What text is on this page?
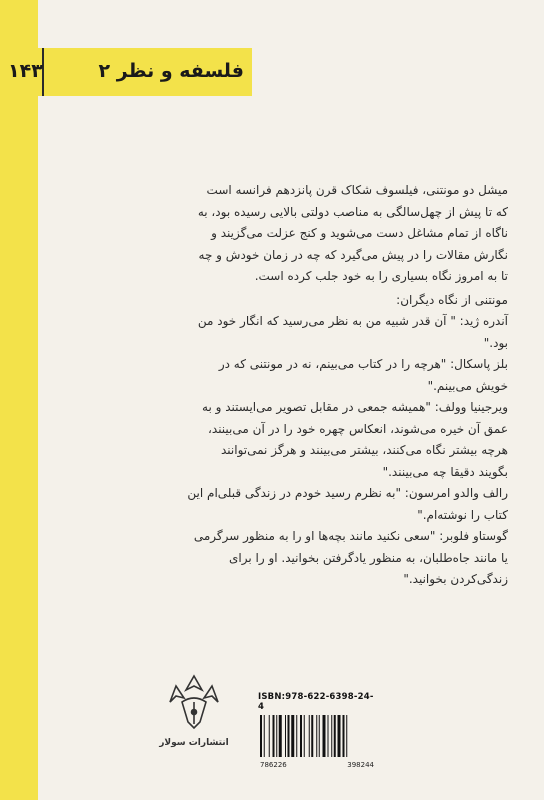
۱۴۳	فلسفه و نظر ۲
میشل دو مونتنی، فیلسوف شکاک قرن پانزدهم فرانسه است
که تا پیش از چهل‌سالگی به مناصب دولتی بالایی رسیده بود، به
ناگاه از تمام مشاغل دست می‌شوید و کنج عزلت می‌گزیند و
نگارش مقالات را در پیش می‌گیرد که چه در زمان خودش و چه
تا به امروز نگاه بسیاری را به خود جلب کرده است.
مونتنی از نگاه دیگران:
آندره ژید: " آن قدر شبیه من به نظر می‌رسید که انگار خود من
بود."
بلز پاسکال: "هرچه را در کتاب می‌بینم، نه در مونتنی که در
خویش می‌بینم."
ویرجینیا وولف: "همیشه جمعی در مقابل تصویر می‌ایستند و به
عمق آن خیره می‌شوند، انعکاس چهره خود را در آن می‌بینند،
هرچه بیشتر نگاه می‌کنند، بیشتر می‌بینند و هرگز نمی‌توانند
بگویند دقیقا چه می‌بینند."
رالف والدو امرسون: "به نظرم رسید خودم در زندگی قبلی‌ام این
کتاب را نوشته‌ام."
گوستاو فلوبر: "سعی نکنید مانند بچه‌ها او را به منظور سرگرمی
یا مانند جاه‌طلبان، به منظور یادگرفتن بخوانید. او را برای
زندگی‌کردن بخوانید."
انتشارات سولار
ISBN:978-622-6398-24-4
786226	398244
